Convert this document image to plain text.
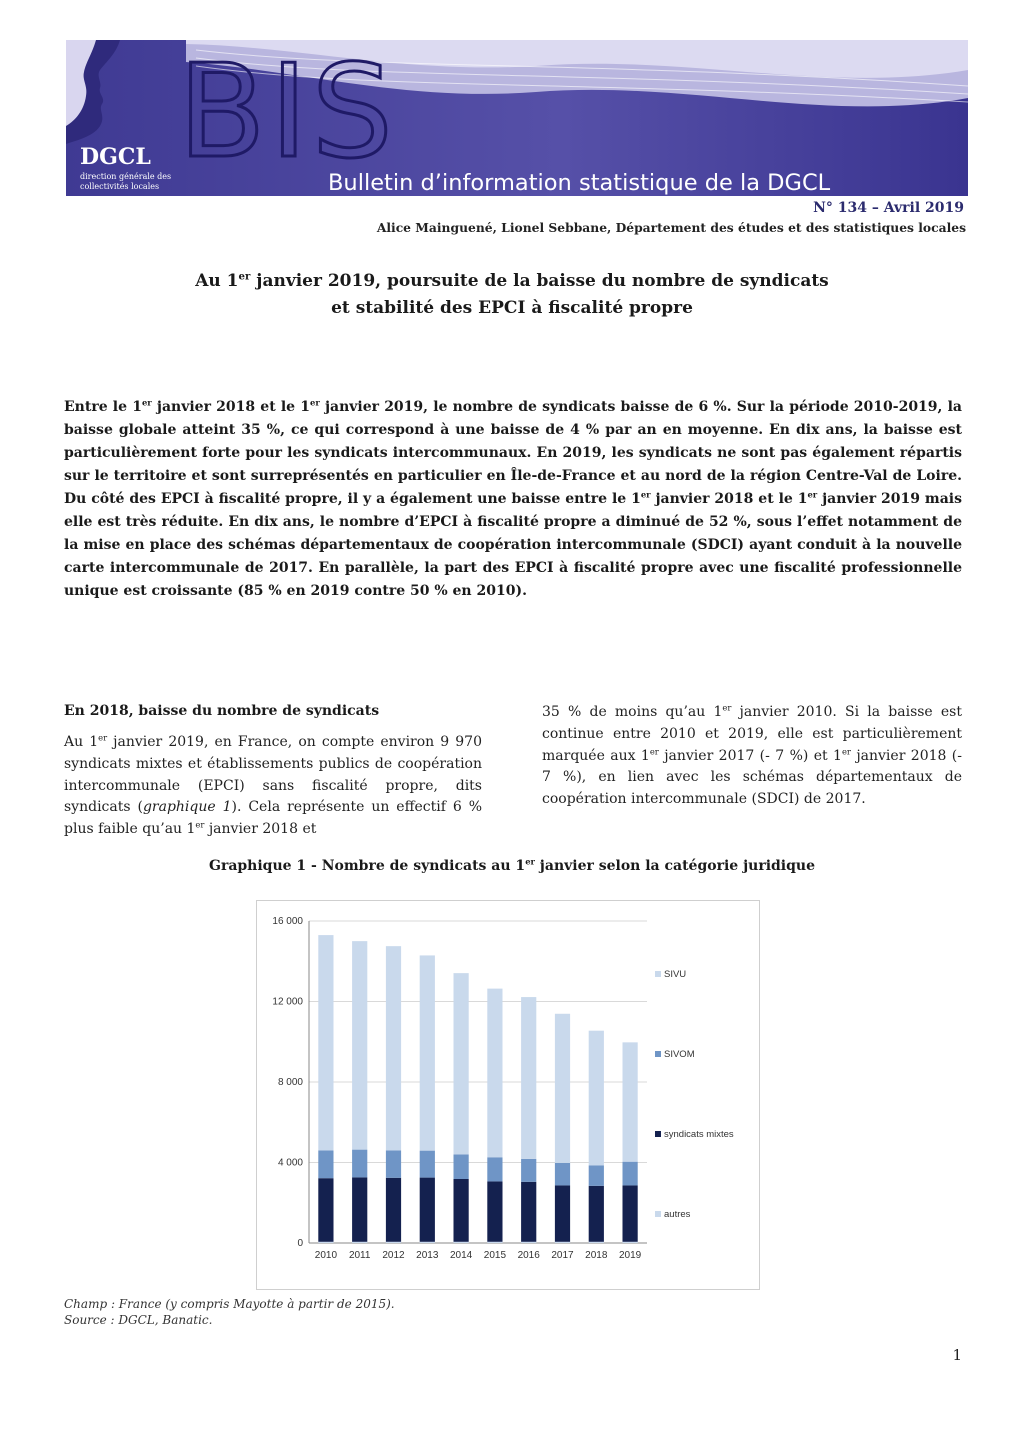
BIS
DGCL
direction générale des
collectivités locales	Bulletin d’information statistique de la DGCL
N° 134 – Avril 2019
Alice Mainguené, Lionel Sebbane, Département des études et des statistiques locales
Au 1er janvier 2019, poursuite de la baisse du nombre de syndicats
et stabilité des EPCI à fiscalité propre
Entre le 1er janvier 2018 et le 1er janvier 2019, le nombre de syndicats baisse de 6 %. Sur la période 2010-2019, la baisse globale atteint 35 %, ce qui correspond à une baisse de 4 % par an en moyenne. En dix ans, la baisse est particulièrement forte pour les syndicats intercommunaux. En 2019, les syndicats ne sont pas également répartis sur le territoire et sont surreprésentés en particulier en Île-de-France et au nord de la région Centre-Val de Loire. Du côté des EPCI à fiscalité propre, il y a également une baisse entre le 1er janvier 2018 et le 1er janvier 2019 mais elle est très réduite. En dix ans, le nombre d’EPCI à fiscalité propre a diminué de 52 %, sous l’effet notamment de la mise en place des schémas départementaux de coopération intercommunale (SDCI) ayant conduit à la nouvelle carte intercommunale de 2017. En parallèle, la part des EPCI à fiscalité propre avec une fiscalité professionnelle unique est croissante (85 % en 2019 contre 50 % en 2010).
En 2018, baisse du nombre de syndicats
Au 1er janvier 2019, en France, on compte environ 9 970 syndicats mixtes et établissements publics de coopération intercommunale (EPCI) sans fiscalité propre, dits syndicats (graphique 1). Cela représente un effectif 6 % plus faible qu’au 1er janvier 2018 et
35 % de moins qu’au 1er janvier 2010. Si la baisse est continue entre 2010 et 2019, elle est particulièrement marquée aux 1er janvier 2017 (- 7 %) et 1er janvier 2018 (- 7 %), en lien avec les schémas départementaux de coopération intercommunale (SDCI) de 2017.
Graphique 1 - Nombre de syndicats au 1er janvier selon la catégorie juridique
0
4 000
8 000
12 000
16 000
2010 2011 2012 2013 2014 2015 2016 2017 2018 2019
SIVU
SIVOM
syndicats mixtes
autres
Champ : France (y compris Mayotte à partir de 2015).
Source : DGCL, Banatic.
1
